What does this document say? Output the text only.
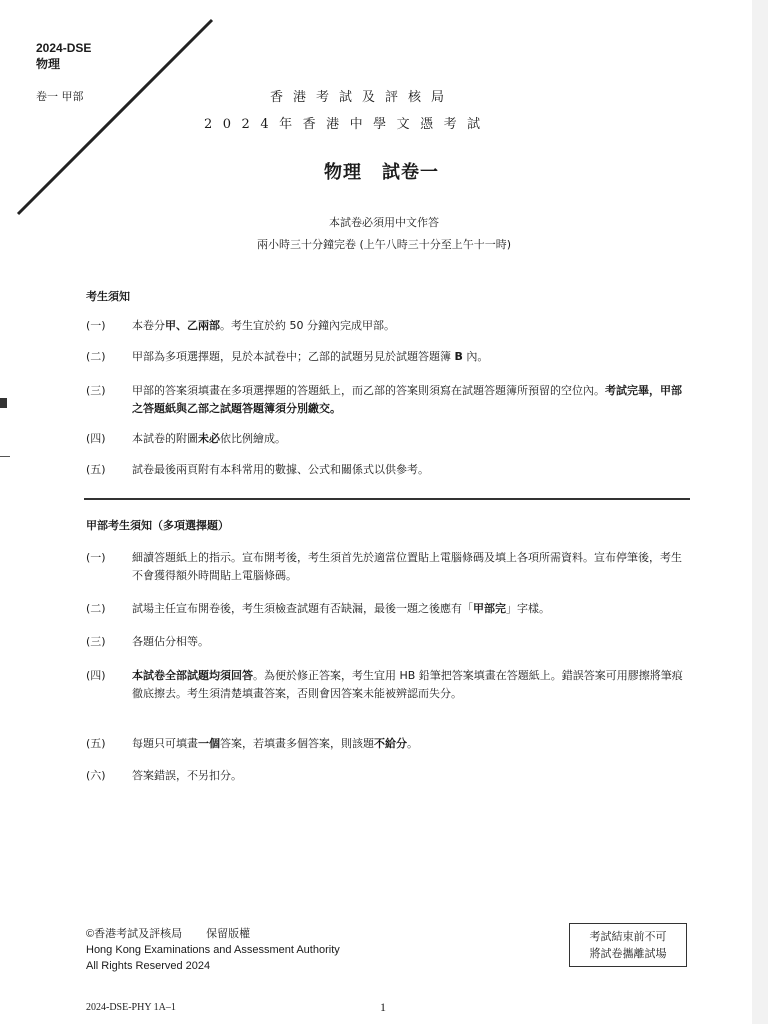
2024-DSE
物理
卷一 甲部	香港考試及評核局
2024年香港中學文憑考試
物理 試卷一
本試卷必須用中文作答
兩小時三十分鐘完卷 (上午八時三十分至上午十一時)
考生須知
(一)	本卷分甲、乙兩部。考生宜於約 50 分鐘內完成甲部。
(二)	甲部為多項選擇題，見於本試卷中；乙部的試題另見於試題答題簿 B 內。
(三)	甲部的答案須填畫在多項選擇題的答題紙上，而乙部的答案則須寫在試題答題簿所預留的空位內。考試完畢，甲部之答題紙與乙部之試題答題簿須分別繳交。
(四)	本試卷的附圖未必依比例繪成。
(五)	試卷最後兩頁附有本科常用的數據、公式和關係式以供參考。
甲部考生須知（多項選擇題）
(一)	細讀答題紙上的指示。宣布開考後，考生須首先於適當位置貼上電腦條碼及填上各項所需資料。宣布停筆後，考生不會獲得額外時間貼上電腦條碼。
(二)	試場主任宣布開卷後，考生須檢查試題有否缺漏，最後一題之後應有「甲部完」字樣。
(三)	各題佔分相等。
(四)	本試卷全部試題均須回答。為便於修正答案，考生宜用 HB 鉛筆把答案填畫在答題紙上。錯誤答案可用膠擦將筆痕徹底擦去。考生須清楚填畫答案，否則會因答案未能被辨認而失分。
(五)	每題只可填畫一個答案，若填畫多個答案，則該題不給分。
(六)	答案錯誤，不另扣分。
©香港考試及評核局 保留版權
Hong Kong Examinations and Assessment Authority
All Rights Reserved 2024
考試結束前不可
將試卷攜離試場
2024-DSE-PHY 1A–1	1
